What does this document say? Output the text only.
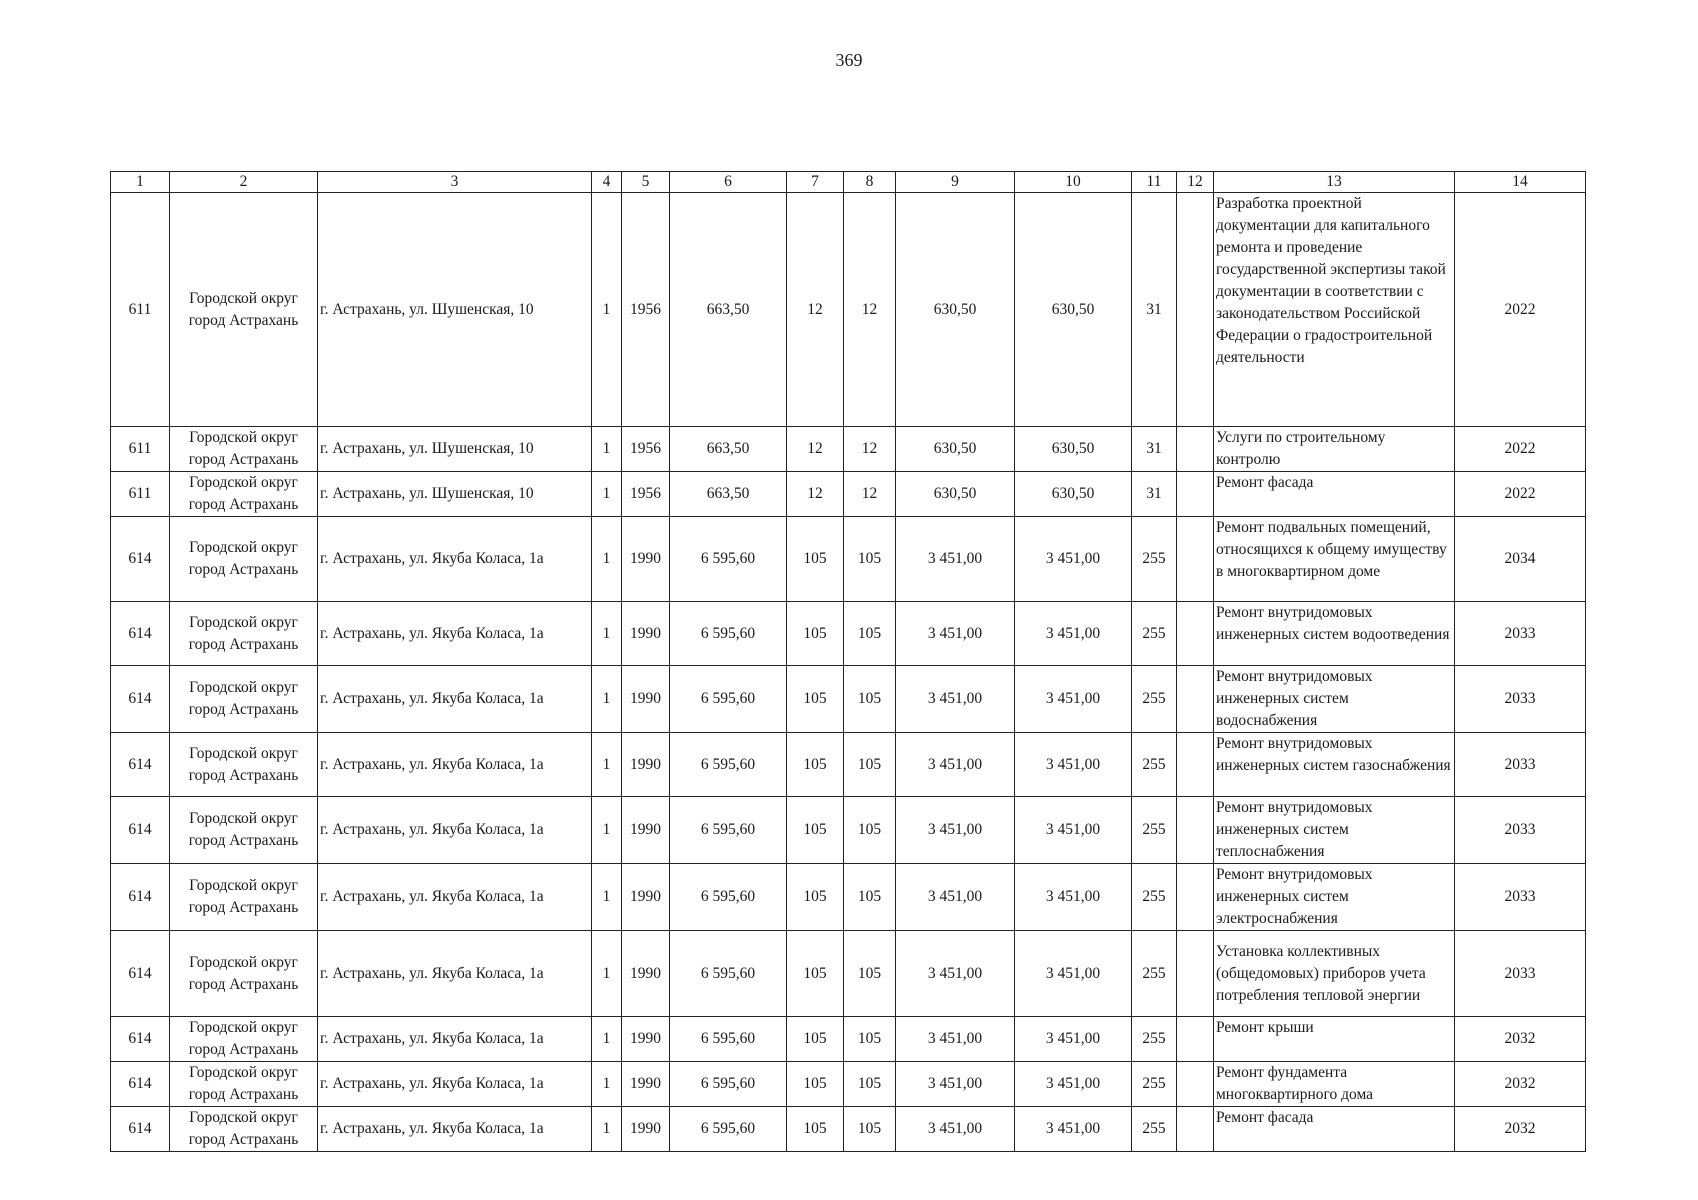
369
1	2	3	4	5	6	7	8	9	10	11	12	13	14
611	Городской округ город Астрахань	г. Астрахань, ул. Шушенская, 10	1	1956	663,50	12	12	630,50	630,50	31		Разработка проектной документации для капитального ремонта и проведение государственной экспертизы такой документации в соответствии с законодательством Российской Федерации о градостроительной деятельности	2022
611	Городской округ город Астрахань	г. Астрахань, ул. Шушенская, 10	1	1956	663,50	12	12	630,50	630,50	31		Услуги по строительному контролю	2022
611	Городской округ город Астрахань	г. Астрахань, ул. Шушенская, 10	1	1956	663,50	12	12	630,50	630,50	31		Ремонт фасада	2022
614	Городской округ город Астрахань	г. Астрахань, ул. Якуба Коласа, 1а	1	1990	6 595,60	105	105	3 451,00	3 451,00	255		Ремонт подвальных помещений, относящихся к общему имуществу в многоквартирном доме	2034
614	Городской округ город Астрахань	г. Астрахань, ул. Якуба Коласа, 1а	1	1990	6 595,60	105	105	3 451,00	3 451,00	255		Ремонт внутридомовых инженерных систем водоотведения	2033
614	Городской округ город Астрахань	г. Астрахань, ул. Якуба Коласа, 1а	1	1990	6 595,60	105	105	3 451,00	3 451,00	255		Ремонт внутридомовых инженерных систем водоснабжения	2033
614	Городской округ город Астрахань	г. Астрахань, ул. Якуба Коласа, 1а	1	1990	6 595,60	105	105	3 451,00	3 451,00	255		Ремонт внутридомовых инженерных систем газоснабжения	2033
614	Городской округ город Астрахань	г. Астрахань, ул. Якуба Коласа, 1а	1	1990	6 595,60	105	105	3 451,00	3 451,00	255		Ремонт внутридомовых инженерных систем теплоснабжения	2033
614	Городской округ город Астрахань	г. Астрахань, ул. Якуба Коласа, 1а	1	1990	6 595,60	105	105	3 451,00	3 451,00	255		Ремонт внутридомовых инженерных систем электроснабжения	2033
614	Городской округ город Астрахань	г. Астрахань, ул. Якуба Коласа, 1а	1	1990	6 595,60	105	105	3 451,00	3 451,00	255		Установка коллективных (общедомовых) приборов учета потребления тепловой энергии	2033
614	Городской округ город Астрахань	г. Астрахань, ул. Якуба Коласа, 1а	1	1990	6 595,60	105	105	3 451,00	3 451,00	255		Ремонт крыши	2032
614	Городской округ город Астрахань	г. Астрахань, ул. Якуба Коласа, 1а	1	1990	6 595,60	105	105	3 451,00	3 451,00	255		Ремонт фундамента многоквартирного дома	2032
614	Городской округ город Астрахань	г. Астрахань, ул. Якуба Коласа, 1а	1	1990	6 595,60	105	105	3 451,00	3 451,00	255		Ремонт фасада	2032
